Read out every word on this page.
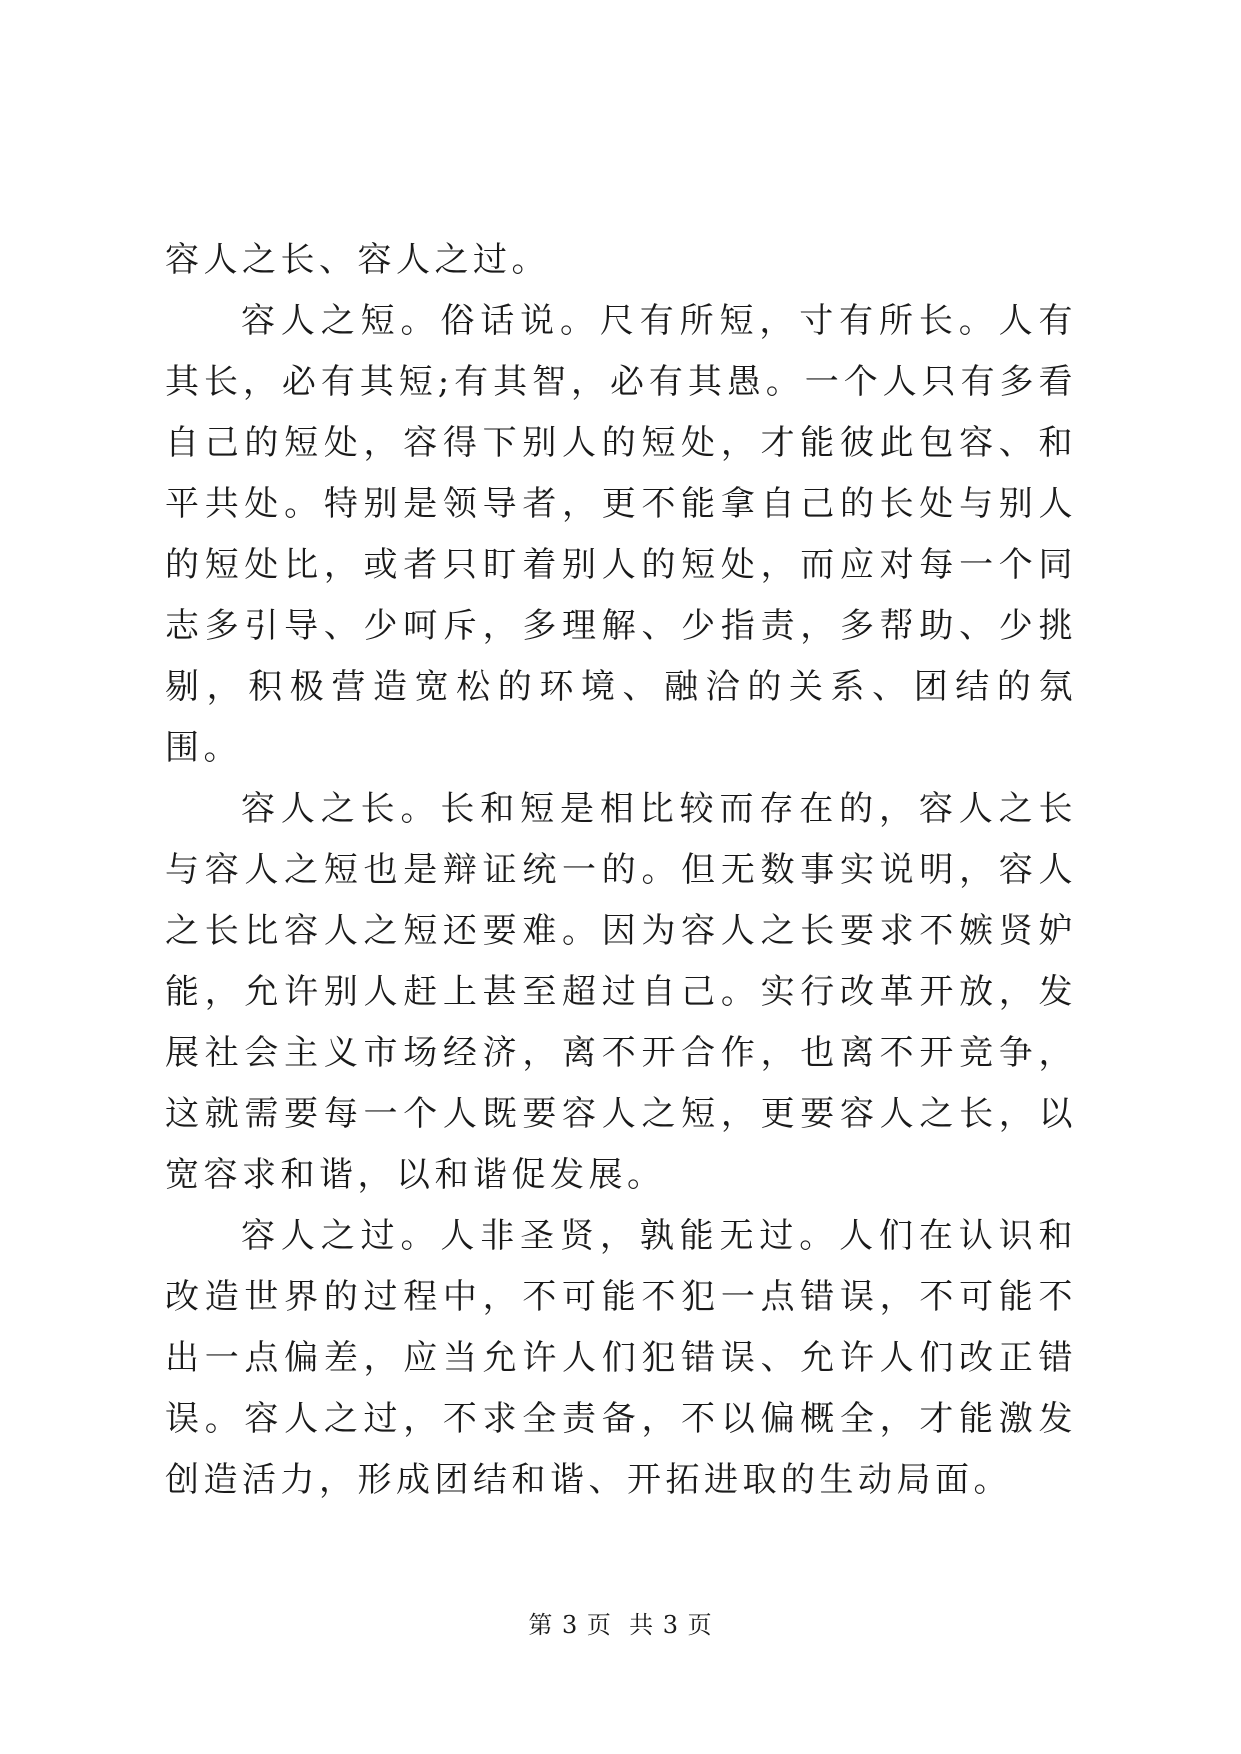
容人之长、容人之过。

容人之短。俗话说。尺有所短，寸有所长。人有其长，必有其短;有其智，必有其愚。一个人只有多看自己的短处，容得下别人的短处，才能彼此包容、和平共处。特别是领导者，更不能拿自己的长处与别人的短处比，或者只盯着别人的短处，而应对每一个同志多引导、少呵斥，多理解、少指责，多帮助、少挑剔，积极营造宽松的环境、融洽的关系、团结的氛围。

容人之长。长和短是相比较而存在的，容人之长与容人之短也是辩证统一的。但无数事实说明，容人之长比容人之短还要难。因为容人之长要求不嫉贤妒能，允许别人赶上甚至超过自己。实行改革开放，发展社会主义市场经济，离不开合作，也离不开竞争，这就需要每一个人既要容人之短，更要容人之长，以宽容求和谐，以和谐促发展。

容人之过。人非圣贤，孰能无过。人们在认识和改造世界的过程中，不可能不犯一点错误，不可能不出一点偏差，应当允许人们犯错误、允许人们改正错误。容人之过，不求全责备，不以偏概全，才能激发创造活力，形成团结和谐、开拓进取的生动局面。

第 3 页  共 3 页
